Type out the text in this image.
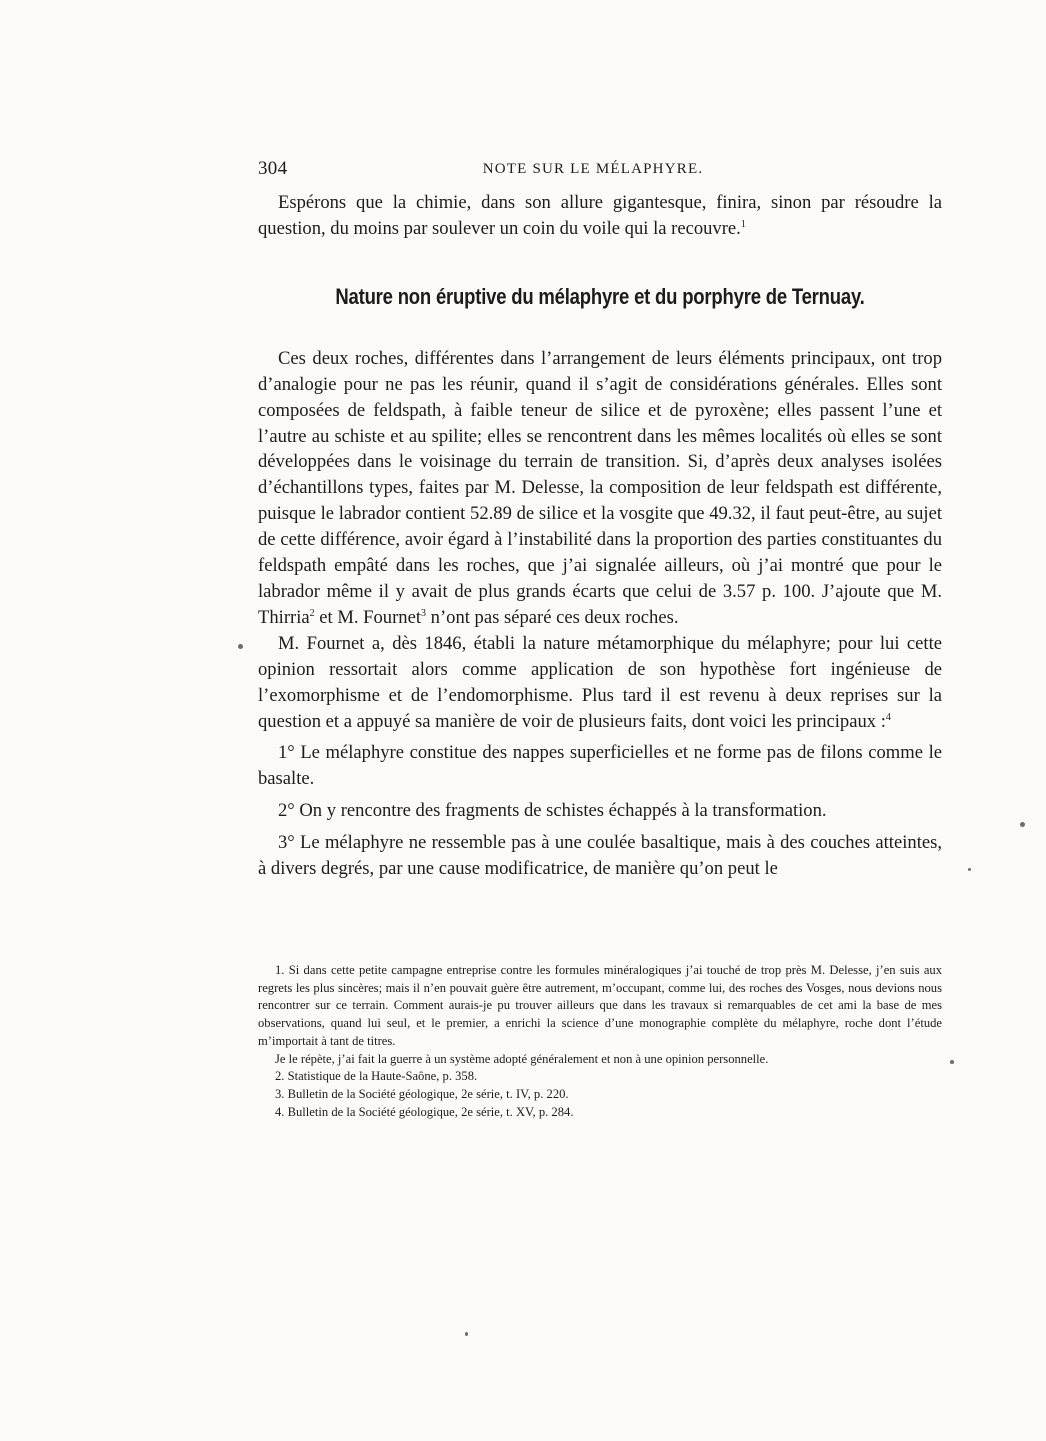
304	NOTE SUR LE MÉLAPHYRE.

Espérons que la chimie, dans son allure gigantesque, finira, sinon par résoudre la question, du moins par soulever un coin du voile qui la recouvre.$^1$

Nature non éruptive du mélaphyre et du porphyre de Ternuay.

Ces deux roches, différentes dans l’arrangement de leurs éléments principaux, ont trop d’analogie pour ne pas les réunir, quand il s’agit de considérations générales. Elles sont composées de feldspath, à faible teneur de silice et de pyroxène; elles passent l’une et l’autre au schiste et au spilite; elles se rencontrent dans les mêmes localités où elles se sont développées dans le voisinage du terrain de transition. Si, d’après deux analyses isolées d’échantillons types, faites par M. Delesse, la composition de leur feldspath est différente, puisque le labrador contient 52.89 de silice et la vosgite que 49.32, il faut peut-être, au sujet de cette différence, avoir égard à l’instabilité dans la proportion des parties constituantes du feldspath empâté dans les roches, que j’ai signalée ailleurs, où j’ai montré que pour le labrador même il y avait de plus grands écarts que celui de 3.57 p. 100. J’ajoute que M. Thirria$^2$ et M. Fournet$^3$ n’ont pas séparé ces deux roches.

M. Fournet a, dès 1846, établi la nature métamorphique du mélaphyre; pour lui cette opinion ressortait alors comme application de son hypothèse fort ingénieuse de l’exomorphisme et de l’endomorphisme. Plus tard il est revenu à deux reprises sur la question et a appuyé sa manière de voir de plusieurs faits, dont voici les principaux :$^4$

1° Le mélaphyre constitue des nappes superficielles et ne forme pas de filons comme le basalte.

2° On y rencontre des fragments de schistes échappés à la transformation.

3° Le mélaphyre ne ressemble pas à une coulée basaltique, mais à des couches atteintes, à divers degrés, par une cause modificatrice, de manière qu’on peut le

1. Si dans cette petite campagne entreprise contre les formules minéralogiques j’ai touché de trop près M. Delesse, j’en suis aux regrets les plus sincères; mais il n’en pouvait guère être autrement, m’occupant, comme lui, des roches des Vosges, nous devions nous rencontrer sur ce terrain. Comment aurais-je pu trouver ailleurs que dans les travaux si remarquables de cet ami la base de mes observations, quand lui seul, et le premier, a enrichi la science d’une monographie complète du mélaphyre, roche dont l’étude m’importait à tant de titres.

Je le répète, j’ai fait la guerre à un système adopté généralement et non à une opinion personnelle.

2. Statistique de la Haute-Saône, p. 358.

3. Bulletin de la Société géologique, 2e série, t. IV, p. 220.

4. Bulletin de la Société géologique, 2e série, t. XV, p. 284.
